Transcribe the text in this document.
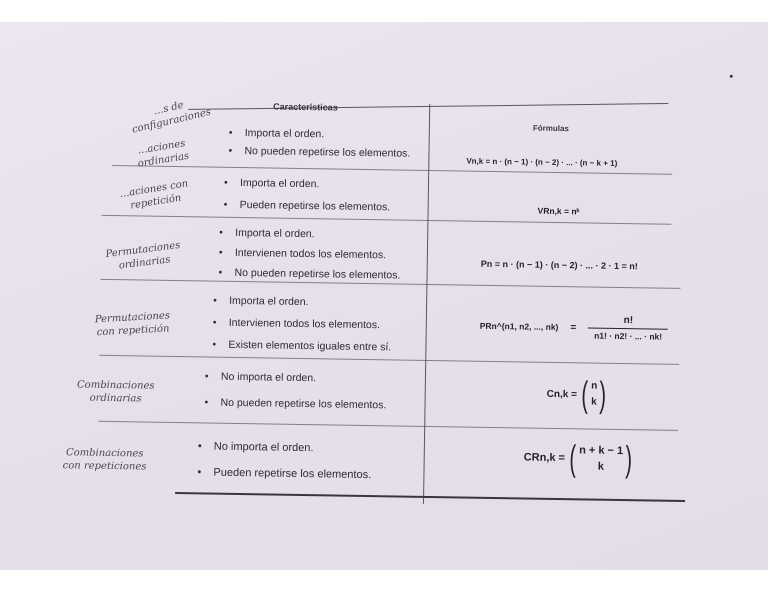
…s de configuraciones	Características
Fórmulas
…aciones ordinarias
• Importa el orden.
• No pueden repetirse los elementos.
Vn,k = n · (n − 1) · (n − 2) · ... · (n − k + 1)
…aciones con repetición
• Importa el orden.
• Pueden repetirse los elementos.	VRn,k = nᵏ
Permutaciones ordinarias
• Importa el orden.
• Intervienen todos los elementos.
• No pueden repetirse los elementos.
Pn = n · (n − 1) · (n − 2) · ... · 2 · 1 = n!
Permutaciones con repetición
• Importa el orden.
• Intervienen todos los elementos.
• Existen elementos iguales entre sí.
PRn^(n1, n2, ..., $nk) = \frac{n!}{n1! \cdot n2! \cdot ... \cdot nk!}$
Combinaciones ordinarias
• No importa el orden.
• No pueden repetirse los elementos.
Cn,k = ( n
k )
Combinaciones con repeticiones
• No importa el orden.
• Pueden repetirse los elementos.
CRn,k = ( n + k − 1
k )
